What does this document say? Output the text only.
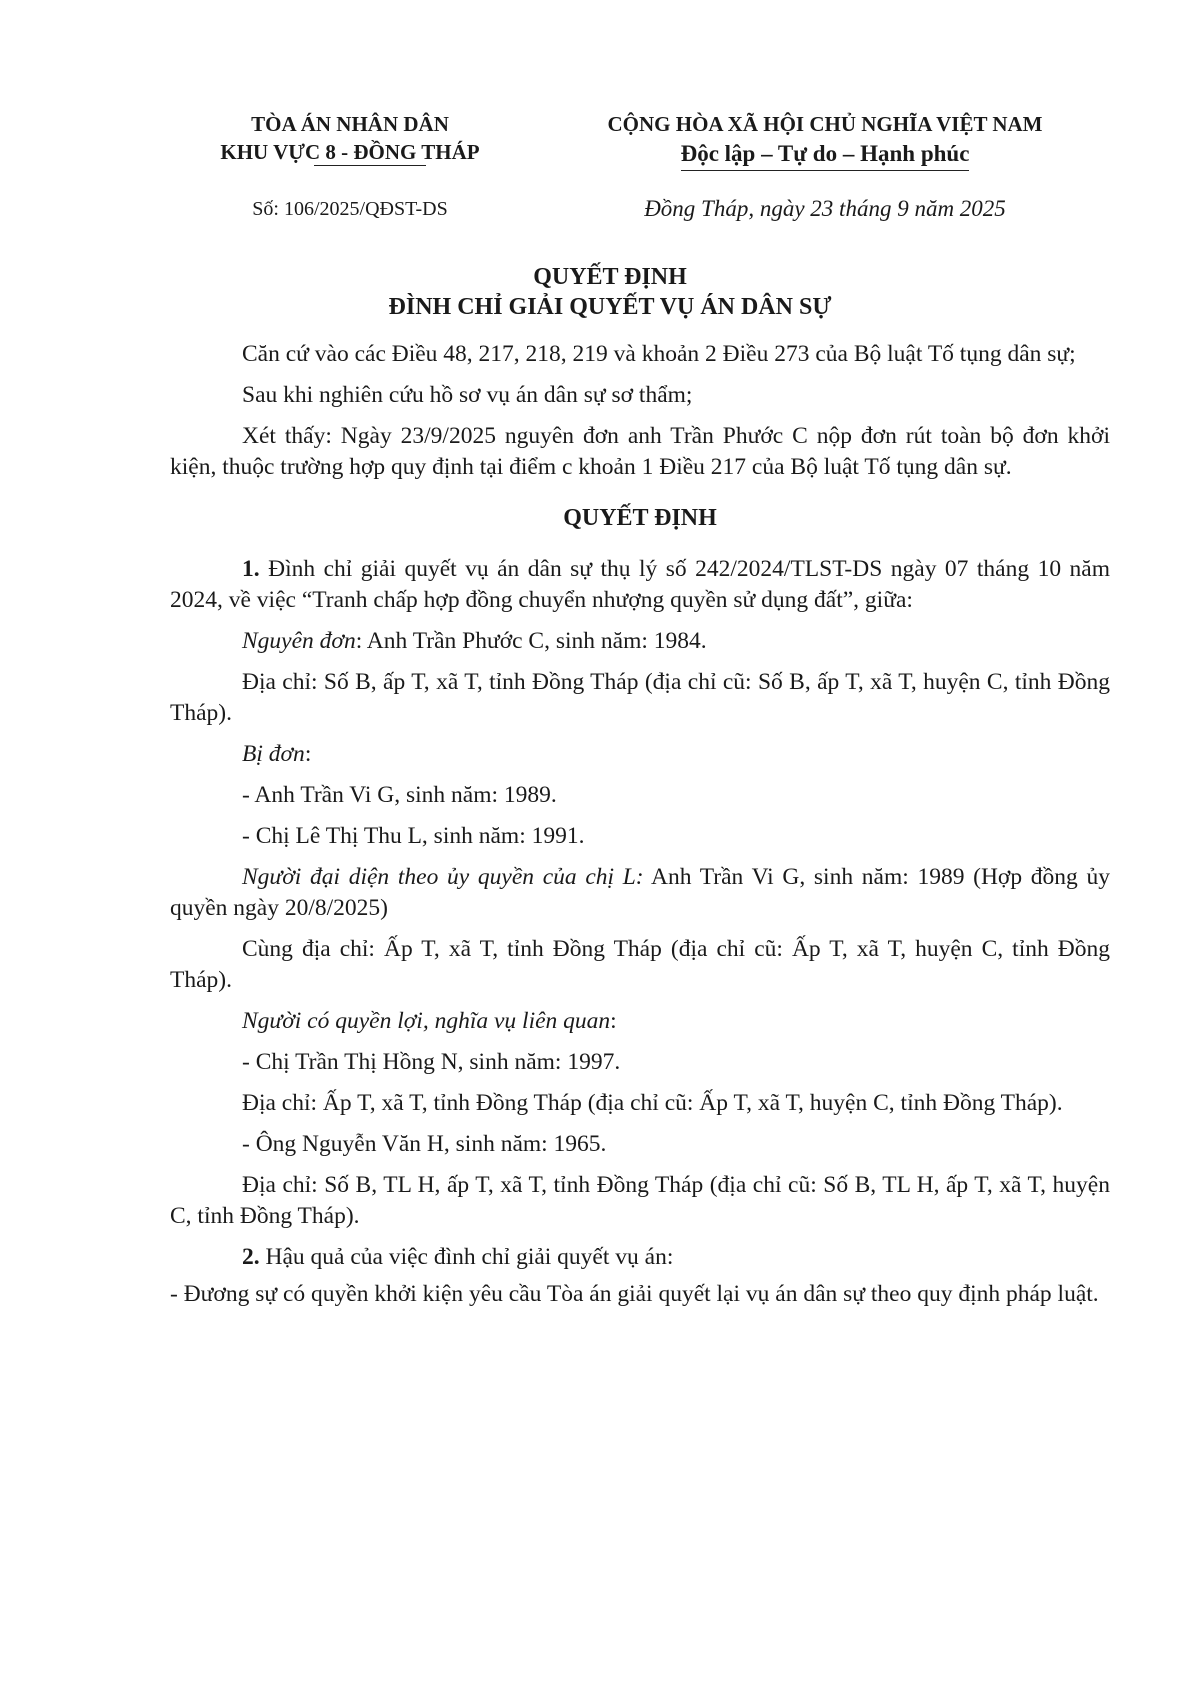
TÒA ÁN NHÂN DÂN
KHU VỰC 8 - ĐỒNG THÁP
CỘNG HÒA XÃ HỘI CHỦ NGHĨA VIỆT NAM
Độc lập – Tự do – Hạnh phúc
Số: 106/2025/QĐST-DS	Đồng Tháp, ngày 23 tháng 9 năm 2025
QUYẾT ĐỊNH
ĐÌNH CHỈ GIẢI QUYẾT VỤ ÁN DÂN SỰ

Căn cứ vào các Điều 48, 217, 218, 219 và khoản 2 Điều 273 của Bộ luật Tố tụng dân sự;

Sau khi nghiên cứu hồ sơ vụ án dân sự sơ thẩm;

Xét thấy: Ngày 23/9/2025 nguyên đơn anh Trần Phước C nộp đơn rút toàn bộ đơn khởi kiện, thuộc trường hợp quy định tại điểm c khoản 1 Điều 217 của Bộ luật Tố tụng dân sự.

QUYẾT ĐỊNH

1. Đình chỉ giải quyết vụ án dân sự thụ lý số 242/2024/TLST-DS ngày 07 tháng 10 năm 2024, về việc “Tranh chấp hợp đồng chuyển nhượng quyền sử dụng đất”, giữa:

Nguyên đơn: Anh Trần Phước C, sinh năm: 1984.

Địa chỉ: Số B, ấp T, xã T, tỉnh Đồng Tháp (địa chỉ cũ: Số B, ấp T, xã T, huyện C, tỉnh Đồng Tháp).

Bị đơn:

- Anh Trần Vi G, sinh năm: 1989.

- Chị Lê Thị Thu L, sinh năm: 1991.

Người đại diện theo ủy quyền của chị L: Anh Trần Vi G, sinh năm: 1989 (Hợp đồng ủy quyền ngày 20/8/2025)

Cùng địa chỉ: Ấp T, xã T, tỉnh Đồng Tháp (địa chỉ cũ: Ấp T, xã T, huyện C, tỉnh Đồng Tháp).

Người có quyền lợi, nghĩa vụ liên quan:

- Chị Trần Thị Hồng N, sinh năm: 1997.

Địa chỉ: Ấp T, xã T, tỉnh Đồng Tháp (địa chỉ cũ: Ấp T, xã T, huyện C, tỉnh Đồng Tháp).

- Ông Nguyễn Văn H, sinh năm: 1965.

Địa chỉ: Số B, TL H, ấp T, xã T, tỉnh Đồng Tháp (địa chỉ cũ: Số B, TL H, ấp T, xã T, huyện C, tỉnh Đồng Tháp).

2. Hậu quả của việc đình chỉ giải quyết vụ án:

- Đương sự có quyền khởi kiện yêu cầu Tòa án giải quyết lại vụ án dân sự theo quy định pháp luật.
